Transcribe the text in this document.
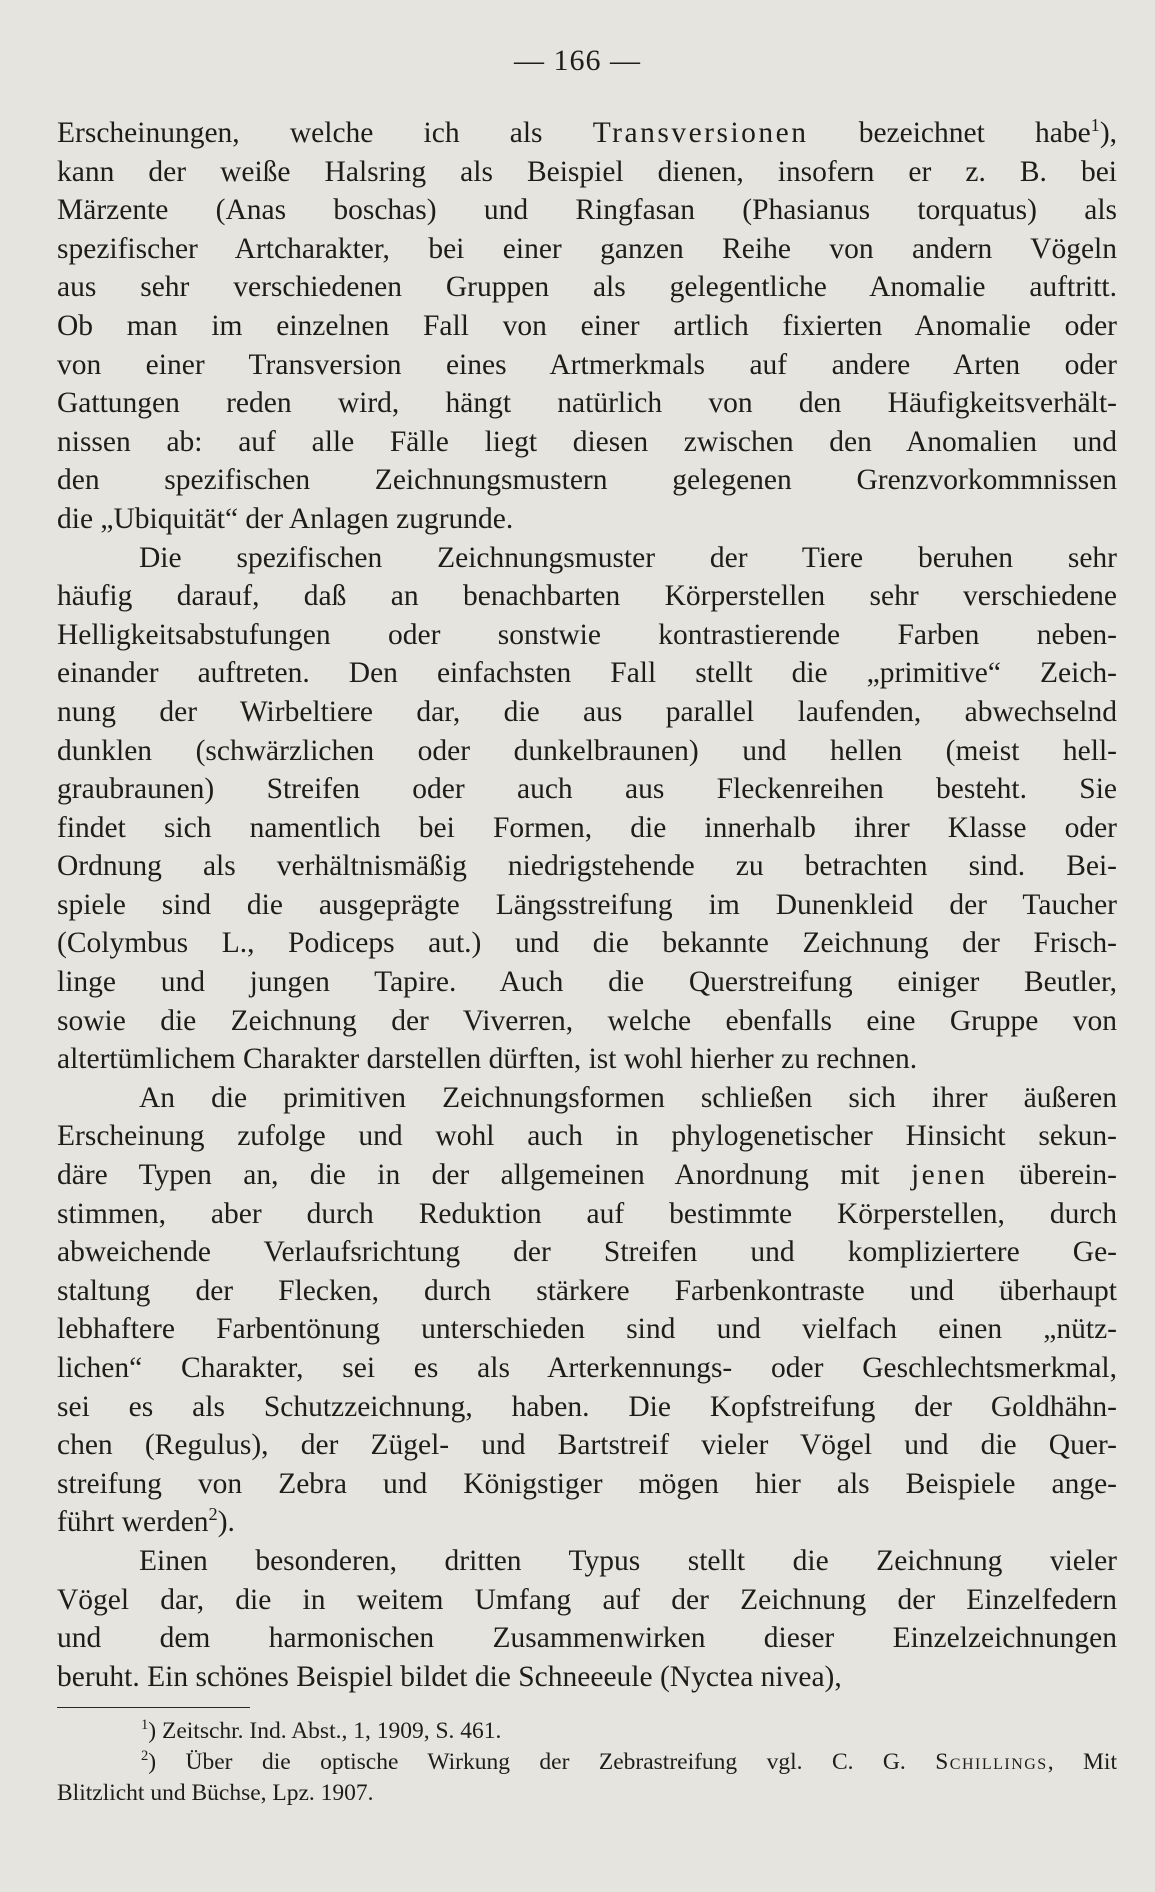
— 166 —
Erscheinungen, welche ich als Transversionen bezeichnet habe$^1$),
kann der weiße Halsring als Beispiel dienen, insofern er z. B. bei
Märzente (Anas boschas) und Ringfasan (Phasianus torquatus) als
spezifischer Artcharakter, bei einer ganzen Reihe von andern Vögeln
aus sehr verschiedenen Gruppen als gelegentliche Anomalie auftritt.
Ob man im einzelnen Fall von einer artlich fixierten Anomalie oder
von einer Transversion eines Artmerkmals auf andere Arten oder
Gattungen reden wird, hängt natürlich von den Häufigkeitsverhält-
nissen ab: auf alle Fälle liegt diesen zwischen den Anomalien und
den spezifischen Zeichnungsmustern gelegenen Grenzvorkommnissen
die „Ubiquität“ der Anlagen zugrunde.
Die spezifischen Zeichnungsmuster der Tiere beruhen sehr
häufig darauf, daß an benachbarten Körperstellen sehr verschiedene
Helligkeitsabstufungen oder sonstwie kontrastierende Farben neben-
einander auftreten. Den einfachsten Fall stellt die „primitive“ Zeich-
nung der Wirbeltiere dar, die aus parallel laufenden, abwechselnd
dunklen (schwärzlichen oder dunkelbraunen) und hellen (meist hell-
graubraunen) Streifen oder auch aus Fleckenreihen besteht. Sie
findet sich namentlich bei Formen, die innerhalb ihrer Klasse oder
Ordnung als verhältnismäßig niedrigstehende zu betrachten sind. Bei-
spiele sind die ausgeprägte Längsstreifung im Dunenkleid der Taucher
(Colymbus L., Podiceps aut.) und die bekannte Zeichnung der Frisch-
linge und jungen Tapire. Auch die Querstreifung einiger Beutler,
sowie die Zeichnung der Viverren, welche ebenfalls eine Gruppe von
altertümlichem Charakter darstellen dürften, ist wohl hierher zu rechnen.
An die primitiven Zeichnungsformen schließen sich ihrer äußeren
Erscheinung zufolge und wohl auch in phylogenetischer Hinsicht sekun-
däre Typen an, die in der allgemeinen Anordnung mit jenen überein-
stimmen, aber durch Reduktion auf bestimmte Körperstellen, durch
abweichende Verlaufsrichtung der Streifen und kompliziertere Ge-
staltung der Flecken, durch stärkere Farbenkontraste und überhaupt
lebhaftere Farbentönung unterschieden sind und vielfach einen „nütz-
lichen“ Charakter, sei es als Arterkennungs- oder Geschlechtsmerkmal,
sei es als Schutzzeichnung, haben. Die Kopfstreifung der Goldhähn-
chen (Regulus), der Zügel- und Bartstreif vieler Vögel und die Quer-
streifung von Zebra und Königstiger mögen hier als Beispiele ange-
führt werden$^2$).
Einen besonderen, dritten Typus stellt die Zeichnung vieler
Vögel dar, die in weitem Umfang auf der Zeichnung der Einzelfedern
und dem harmonischen Zusammenwirken dieser Einzelzeichnungen
beruht. Ein schönes Beispiel bildet die Schneeeule (Nyctea nivea),
$^1$) Zeitschr. Ind. Abst., 1, 1909, S. 461.
$^2$) Über die optische Wirkung der Zebrastreifung vgl. C. G. Schillings, Mit
Blitzlicht und Büchse, Lpz. 1907.
